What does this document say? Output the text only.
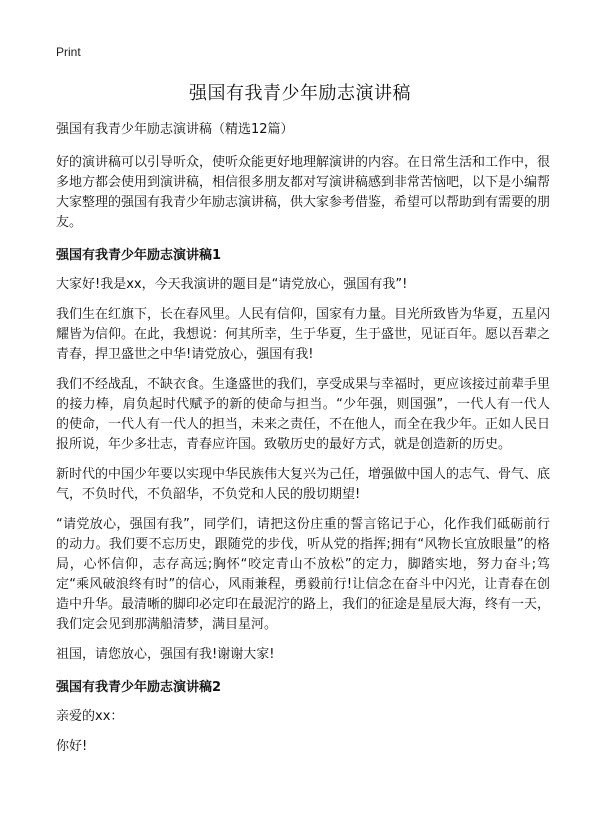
Print
强国有我青少年励志演讲稿

强国有我青少年励志演讲稿（精选12篇）

好的演讲稿可以引导听众，使听众能更好地理解演讲的内容。在日常生活和工作中，很多地方都会使用到演讲稿，相信很多朋友都对写演讲稿感到非常苦恼吧，以下是小编帮大家整理的强国有我青少年励志演讲稿，供大家参考借鉴，希望可以帮助到有需要的朋友。

强国有我青少年励志演讲稿1

大家好!我是xx，今天我演讲的题目是“请党放心，强国有我”!

我们生在红旗下，长在春风里。人民有信仰，国家有力量。目光所致皆为华夏，五星闪耀皆为信仰。在此，我想说：何其所幸，生于华夏，生于盛世，见证百年。愿以吾辈之青春，捍卫盛世之中华!请党放心，强国有我!

我们不经战乱，不缺衣食。生逢盛世的我们，享受成果与幸福时，更应该接过前辈手里的接力棒，肩负起时代赋予的新的使命与担当。“少年强，则国强”，一代人有一代人的使命，一代人有一代人的担当，未来之责任，不在他人，而全在我少年。正如人民日报所说，年少多壮志，青春应许国。致敬历史的最好方式，就是创造新的历史。

新时代的中国少年要以实现中华民族伟大复兴为己任，增强做中国人的志气、骨气、底气，不负时代，不负韶华，不负党和人民的殷切期望!

“请党放心，强国有我”，同学们，请把这份庄重的誓言铭记于心，化作我们砥砺前行的动力。我们要不忘历史，跟随党的步伐，听从党的指挥;拥有“风物长宜放眼量”的格局，心怀信仰，志存高远;胸怀“咬定青山不放松”的定力，脚踏实地，努力奋斗;笃定“乘风破浪终有时”的信心，风雨兼程，勇毅前行!让信念在奋斗中闪光，让青春在创造中升华。最清晰的脚印必定印在最泥泞的路上，我们的征途是星辰大海，终有一天，我们定会见到那满船清梦，满目星河。

祖国，请您放心，强国有我!谢谢大家!

强国有我青少年励志演讲稿2

亲爱的xx：

你好!
